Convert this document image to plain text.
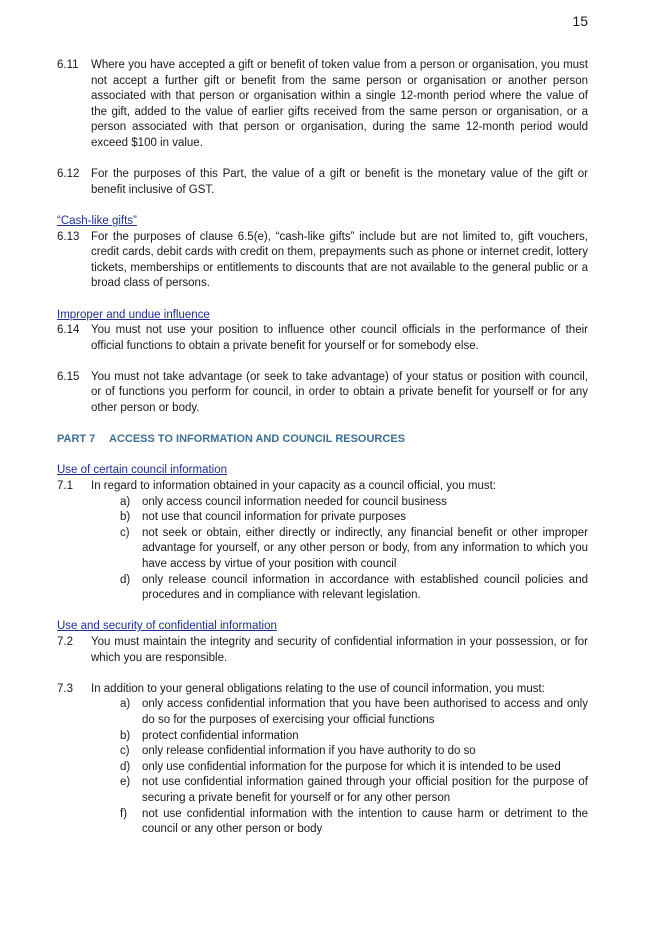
15
6.11	Where you have accepted a gift or benefit of token value from a person or organisation, you must not accept a further gift or benefit from the same person or organisation or another person associated with that person or organisation within a single 12-month period where the value of the gift, added to the value of earlier gifts received from the same person or organisation, or a person associated with that person or organisation, during the same 12-month period would exceed $100 in value.
6.12	For the purposes of this Part, the value of a gift or benefit is the monetary value of the gift or benefit inclusive of GST.
“Cash-like gifts”
6.13	For the purposes of clause 6.5(e), “cash-like gifts” include but are not limited to, gift vouchers, credit cards, debit cards with credit on them, prepayments such as phone or internet credit, lottery tickets, memberships or entitlements to discounts that are not available to the general public or a broad class of persons.
Improper and undue influence
6.14	You must not use your position to influence other council officials in the performance of their official functions to obtain a private benefit for yourself or for somebody else.
6.15	You must not take advantage (or seek to take advantage) of your status or position with council, or of functions you perform for council, in order to obtain a private benefit for yourself or for any other person or body.
PART 7	ACCESS TO INFORMATION AND COUNCIL RESOURCES
Use of certain council information
7.1	In regard to information obtained in your capacity as a council official, you must:
a)	only access council information needed for council business
b)	not use that council information for private purposes
c)	not seek or obtain, either directly or indirectly, any financial benefit or other improper advantage for yourself, or any other person or body, from any information to which you have access by virtue of your position with council
d)	only release council information in accordance with established council policies and procedures and in compliance with relevant legislation.
Use and security of confidential information
7.2	You must maintain the integrity and security of confidential information in your possession, or for which you are responsible.
7.3	In addition to your general obligations relating to the use of council information, you must:
a)	only access confidential information that you have been authorised to access and only do so for the purposes of exercising your official functions
b)	protect confidential information
c)	only release confidential information if you have authority to do so
d)	only use confidential information for the purpose for which it is intended to be used
e)	not use confidential information gained through your official position for the purpose of securing a private benefit for yourself or for any other person
f)	not use confidential information with the intention to cause harm or detriment to the council or any other person or body
